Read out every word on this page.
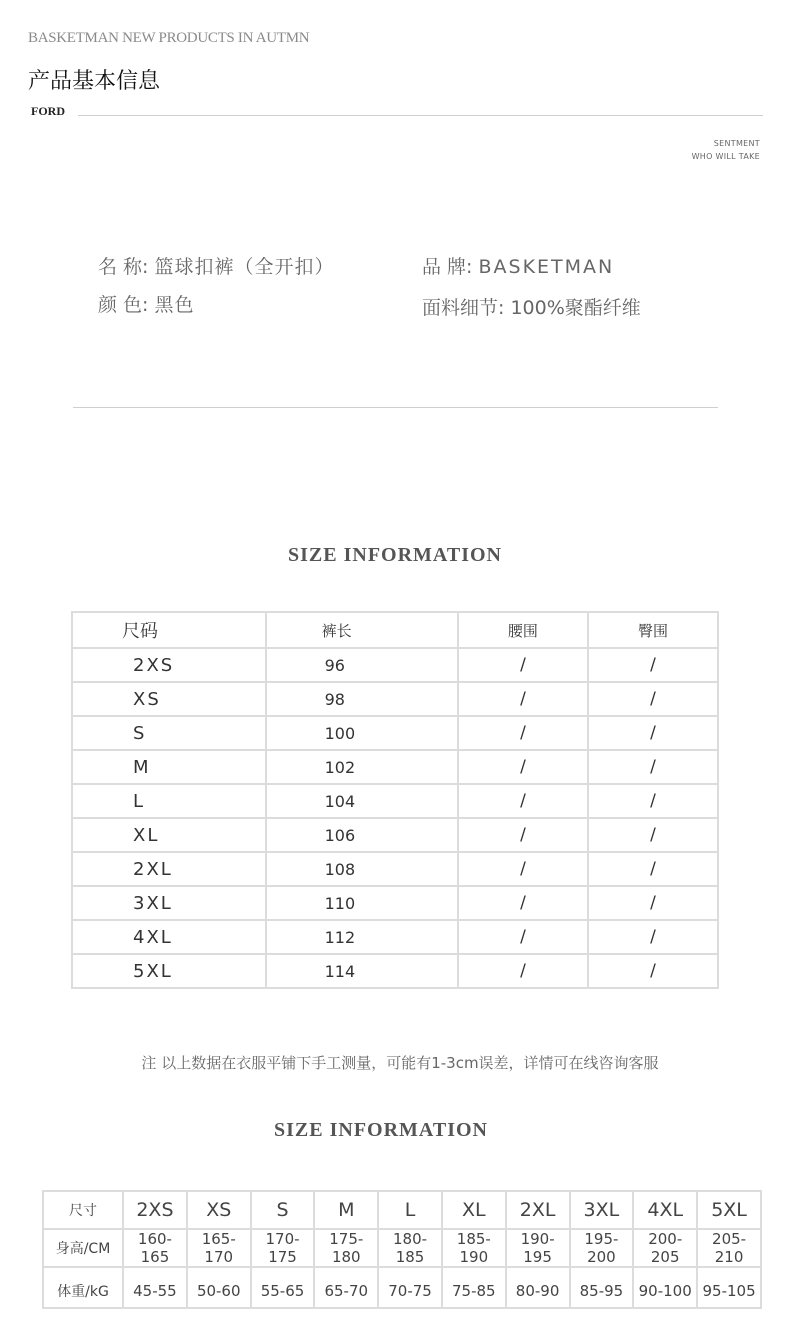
BASKETMAN NEW PRODUCTS IN AUTMN
产品基本信息
FORD
SENTMENT
WHO WILL TAKE
名 称: 篮球扣裤（全开扣）
颜 色: 黑色
品 牌: BASKETMAN
面料细节: 100%聚酯纤维
SIZE INFORMATION
尺码	裤长	腰围	臀围
2XS	96	/	/
XS	98	/	/
S	100	/	/
M	102	/	/
L	104	/	/
XL	106	/	/
2XL	108	/	/
3XL	110	/	/
4XL	112	/	/
5XL	114	/	/
注 以上数据在衣服平铺下手工测量，可能有1-3cm误差，详情可在线咨询客服
SIZE INFORMATION
尺寸	2XS	XS	S	M	L	XL	2XL	3XL	4XL	5XL
身高/CM	160-165	165-170	170-175	175-180	180-185	185-190	190-195	195-200	200-205	205-210
体重/kG	45-55	50-60	55-65	65-70	70-75	75-85	80-90	85-95	90-100	95-105
